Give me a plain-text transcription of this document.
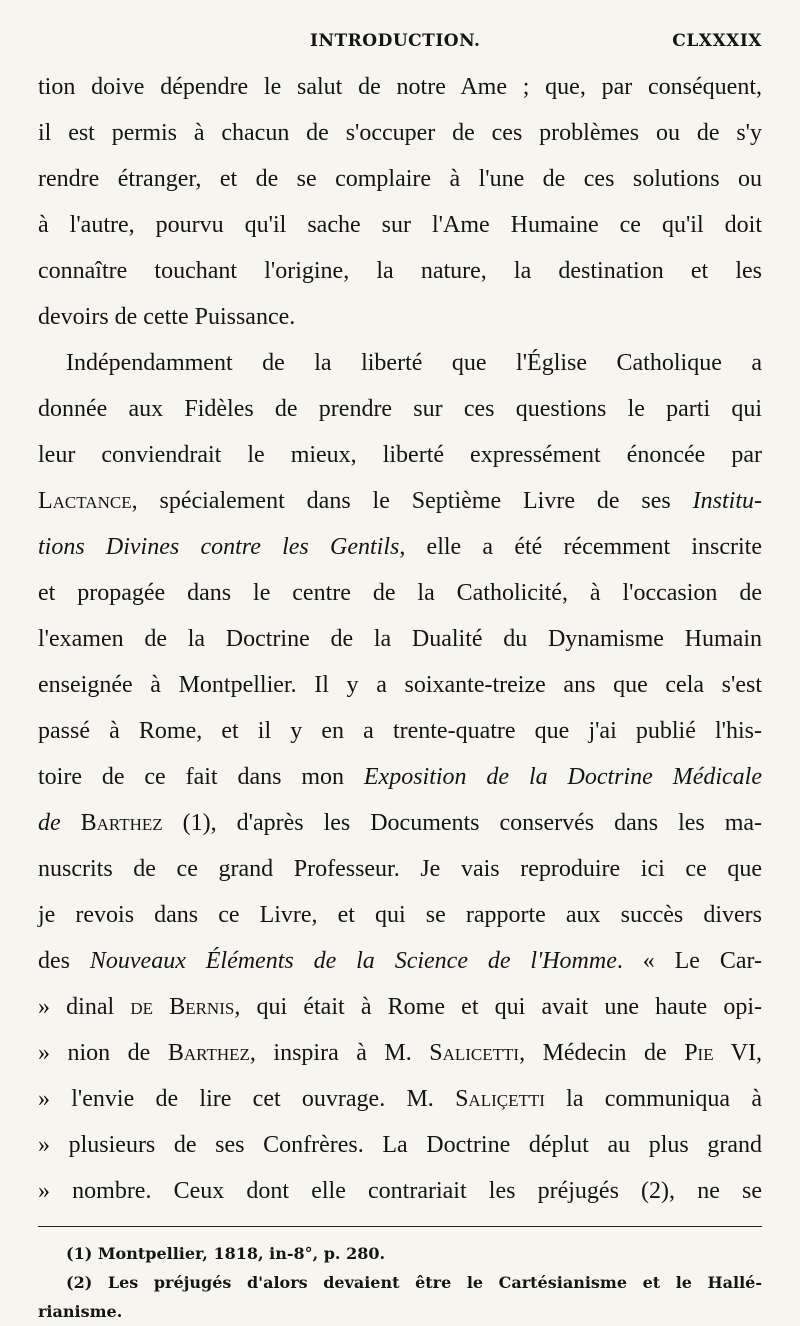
INTRODUCTION.	CLXXXIX
tion doive dépendre le salut de notre Ame ; que, par conséquent,
il est permis à chacun de s'occuper de ces problèmes ou de s'y
rendre étranger, et de se complaire à l'une de ces solutions ou
à l'autre, pourvu qu'il sache sur l'Ame Humaine ce qu'il doit
connaître touchant l'origine, la nature, la destination et les
devoirs de cette Puissance.
Indépendamment de la liberté que l'Église Catholique a
donnée aux Fidèles de prendre sur ces questions le parti qui
leur conviendrait le mieux, liberté expressément énoncée par
Lactance, spécialement dans le Septième Livre de ses Institu-
tions Divines contre les Gentils, elle a été récemment inscrite
et propagée dans le centre de la Catholicité, à l'occasion de
l'examen de la Doctrine de la Dualité du Dynamisme Humain
enseignée à Montpellier. Il y a soixante-treize ans que cela s'est
passé à Rome, et il y en a trente-quatre que j'ai publié l'his-
toire de ce fait dans mon Exposition de la Doctrine Médicale
de Barthez (1), d'après les Documents conservés dans les ma-
nuscrits de ce grand Professeur. Je vais reproduire ici ce que
je revois dans ce Livre, et qui se rapporte aux succès divers
des Nouveaux Éléments de la Science de l'Homme. « Le Car-
» dinal de Bernis, qui était à Rome et qui avait une haute opi-
» nion de Barthez, inspira à M. Salicetti, Médecin de Pie VI,
» l'envie de lire cet ouvrage. M. Saliçetti la communiqua à
» plusieurs de ses Confrères. La Doctrine déplut au plus grand
» nombre. Ceux dont elle contrariait les préjugés (2), ne se
(1) Montpellier, 1818, in-8°, p. 280.
(2) Les préjugés d'alors devaient être le Cartésianisme et le Hallé-
rianisme.
